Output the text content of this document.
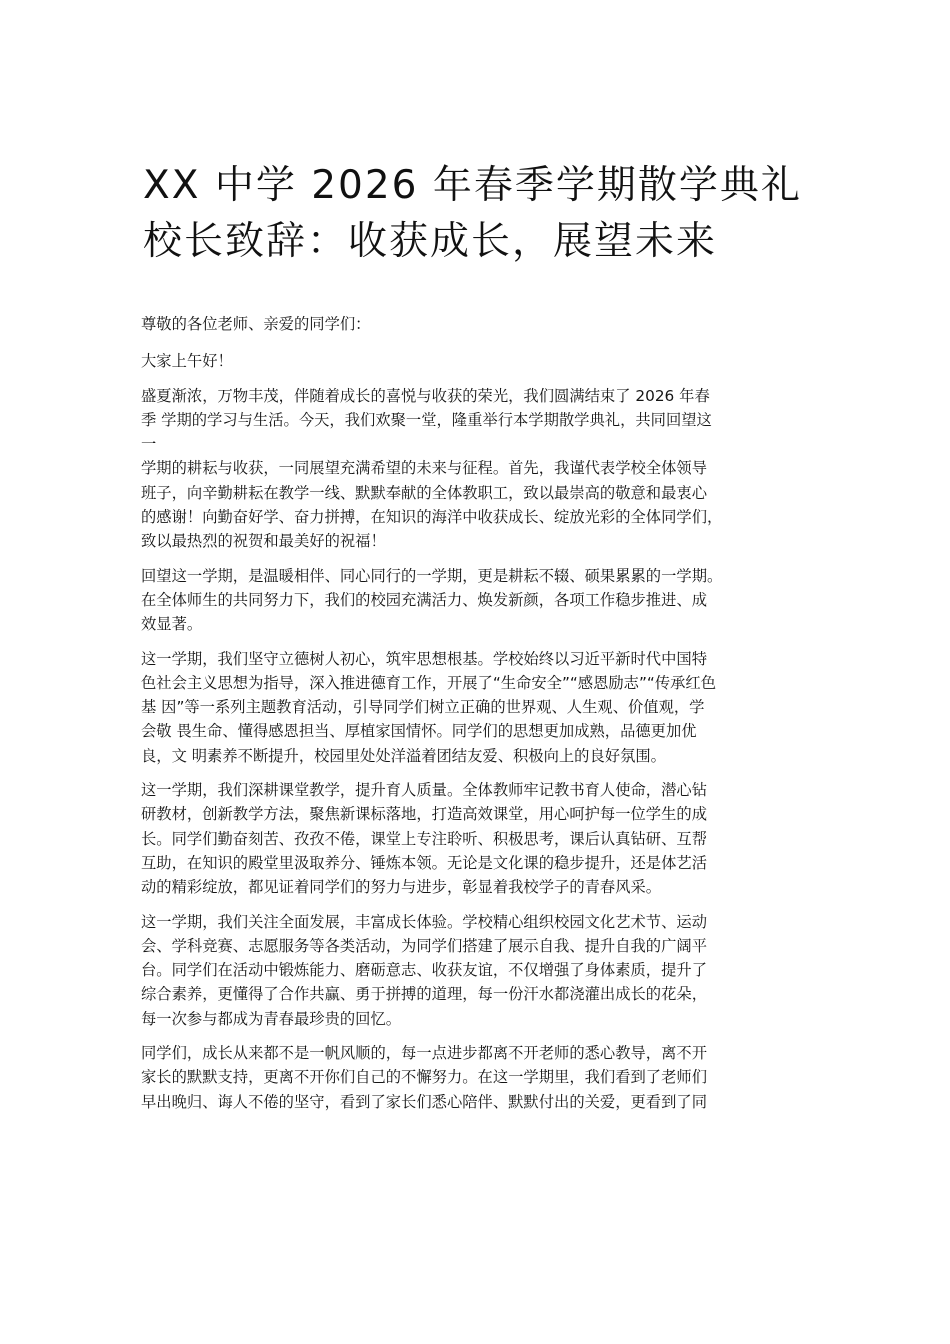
XX 中学 2026 年春季学期散学典礼
校长致辞：收获成长，展望未来

尊敬的各位老师、亲爱的同学们：

大家上午好！

盛夏渐浓，万物丰茂，伴随着成长的喜悦与收获的荣光，我们圆满结束了 2026 年春
季 学期的学习与生活。今天，我们欢聚一堂，隆重举行本学期散学典礼，共同回望这
一
学期的耕耘与收获，一同展望充满希望的未来与征程。首先，我谨代表学校全体领导
班子，向辛勤耕耘在教学一线、默默奉献的全体教职工，致以最崇高的敬意和最衷心
的感谢！向勤奋好学、奋力拼搏，在知识的海洋中收获成长、绽放光彩的全体同学们，
致以最热烈的祝贺和最美好的祝福！

回望这一学期，是温暖相伴、同心同行的一学期，更是耕耘不辍、硕果累累的一学期。
在全体师生的共同努力下，我们的校园充满活力、焕发新颜，各项工作稳步推进、成
效显著。

这一学期，我们坚守立德树人初心，筑牢思想根基。学校始终以习近平新时代中国特
色社会主义思想为指导，深入推进德育工作，开展了“生命安全”“感恩励志”“传承红色
基 因”等一系列主题教育活动，引导同学们树立正确的世界观、人生观、价值观，学
会敬 畏生命、懂得感恩担当、厚植家国情怀。同学们的思想更加成熟，品德更加优
良，文 明素养不断提升，校园里处处洋溢着团结友爱、积极向上的良好氛围。

这一学期，我们深耕课堂教学，提升育人质量。全体教师牢记教书育人使命，潜心钻
研教材，创新教学方法，聚焦新课标落地，打造高效课堂，用心呵护每一位学生的成
长。同学们勤奋刻苦、孜孜不倦，课堂上专注聆听、积极思考，课后认真钻研、互帮
互助，在知识的殿堂里汲取养分、锤炼本领。无论是文化课的稳步提升，还是体艺活
动的精彩绽放，都见证着同学们的努力与进步，彰显着我校学子的青春风采。

这一学期，我们关注全面发展，丰富成长体验。学校精心组织校园文化艺术节、运动
会、学科竞赛、志愿服务等各类活动，为同学们搭建了展示自我、提升自我的广阔平
台。同学们在活动中锻炼能力、磨砺意志、收获友谊，不仅增强了身体素质，提升了
综合素养，更懂得了合作共赢、勇于拼搏的道理，每一份汗水都浇灌出成长的花朵，
每一次参与都成为青春最珍贵的回忆。

同学们，成长从来都不是一帆风顺的，每一点进步都离不开老师的悉心教导，离不开
家长的默默支持，更离不开你们自己的不懈努力。在这一学期里，我们看到了老师们
早出晚归、诲人不倦的坚守，看到了家长们悉心陪伴、默默付出的关爱，更看到了同
